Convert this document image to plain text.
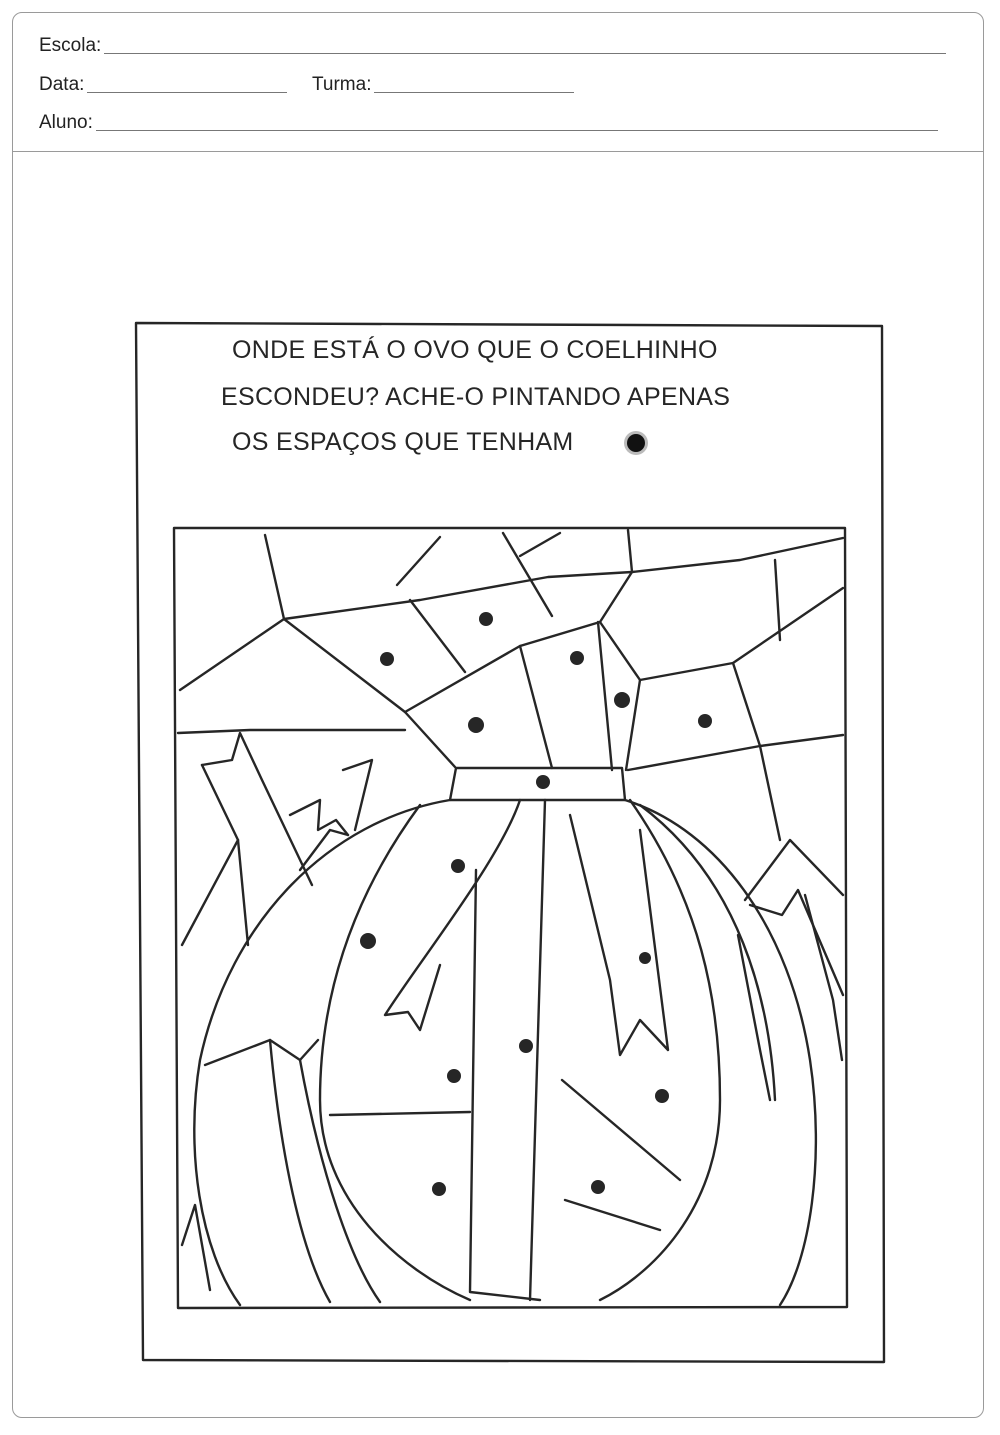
Escola:
Data:	Turma:
Aluno:
ONDE ESTÁ O OVO QUE O COELHINHO
ESCONDEU? ACHE-O PINTANDO APENAS
OS ESPAÇOS QUE TENHAM
